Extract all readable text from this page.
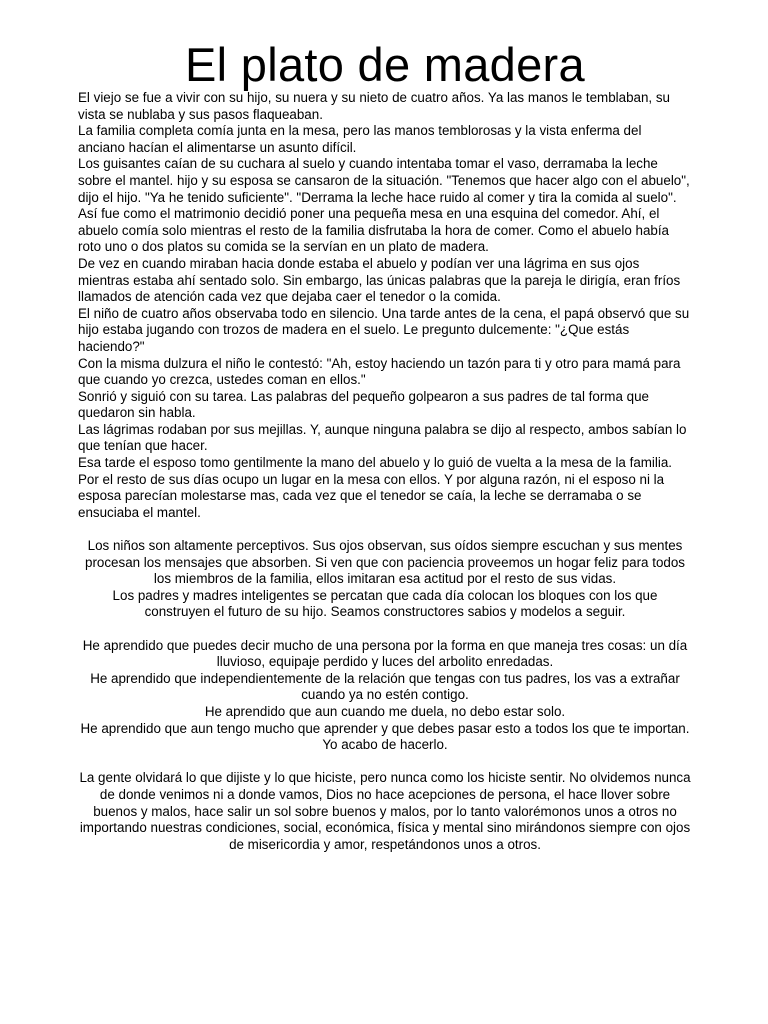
El plato de madera

El viejo se fue a vivir con su hijo, su nuera y su nieto de cuatro años. Ya las manos le temblaban, su vista se nublaba y sus pasos flaqueaban.

La familia completa comía junta en la mesa, pero las manos temblorosas y la vista enferma del anciano hacían el alimentarse un asunto difícil.

Los guisantes caían de su cuchara al suelo y cuando intentaba tomar el vaso, derramaba la leche sobre el mantel. hijo y su esposa se cansaron de la situación. "Tenemos que hacer algo con el abuelo", dijo el hijo. "Ya he tenido suficiente". "Derrama la leche hace ruido al comer y tira la comida al suelo".

Así fue como el matrimonio decidió poner una pequeña mesa en una esquina del comedor. Ahí, el abuelo comía solo mientras el resto de la familia disfrutaba la hora de comer. Como el abuelo había roto uno o dos platos su comida se la servían en un plato de madera.

De vez en cuando miraban hacia donde estaba el abuelo y podían ver una lágrima en sus ojos mientras estaba ahí sentado solo. Sin embargo, las únicas palabras que la pareja le dirigía, eran fríos llamados de atención cada vez que dejaba caer el tenedor o la comida.

El niño de cuatro años observaba todo en silencio. Una tarde antes de la cena, el papá observó que su hijo estaba jugando con trozos de madera en el suelo. Le pregunto dulcemente: "¿Que estás haciendo?"

Con la misma dulzura el niño le contestó: "Ah, estoy haciendo un tazón para ti y otro para mamá para que cuando yo crezca, ustedes coman en ellos."

Sonrió y siguió con su tarea. Las palabras del pequeño golpearon a sus padres de tal forma que quedaron sin habla.

Las lágrimas rodaban por sus mejillas. Y, aunque ninguna palabra se dijo al respecto, ambos sabían lo que tenían que hacer.

Esa tarde el esposo tomo gentilmente la mano del abuelo y lo guió de vuelta a la mesa de la familia. Por el resto de sus días ocupo un lugar en la mesa con ellos. Y por alguna razón, ni el esposo ni la esposa parecían molestarse mas, cada vez que el tenedor se caía, la leche se derramaba o se ensuciaba el mantel.

Los niños son altamente perceptivos. Sus ojos observan, sus oídos siempre escuchan y sus mentes procesan los mensajes que absorben. Si ven que con paciencia proveemos un hogar feliz para todos los miembros de la familia, ellos imitaran esa actitud por el resto de sus vidas.

Los padres y madres inteligentes se percatan que cada día colocan los bloques con los que construyen el futuro de su hijo. Seamos constructores sabios y modelos a seguir.

He aprendido que puedes decir mucho de una persona por la forma en que maneja tres cosas: un día lluvioso, equipaje perdido y luces del arbolito enredadas.

He aprendido que independientemente de la relación que tengas con tus padres, los vas a extrañar cuando ya no estén contigo.

He aprendido que aun cuando me duela, no debo estar solo.

He aprendido que aun tengo mucho que aprender y que debes pasar esto a todos los que te importan.

Yo acabo de hacerlo.

La gente olvidará lo que dijiste y lo que hiciste, pero nunca como los hiciste sentir. No olvidemos nunca de donde venimos ni a donde vamos, Dios no hace acepciones de persona, el hace llover sobre buenos y malos, hace salir un sol sobre buenos y malos, por lo tanto valorémonos unos a otros no importando nuestras condiciones, social, económica, física y mental sino mirándonos siempre con ojos de misericordia y amor, respetándonos unos a otros.
